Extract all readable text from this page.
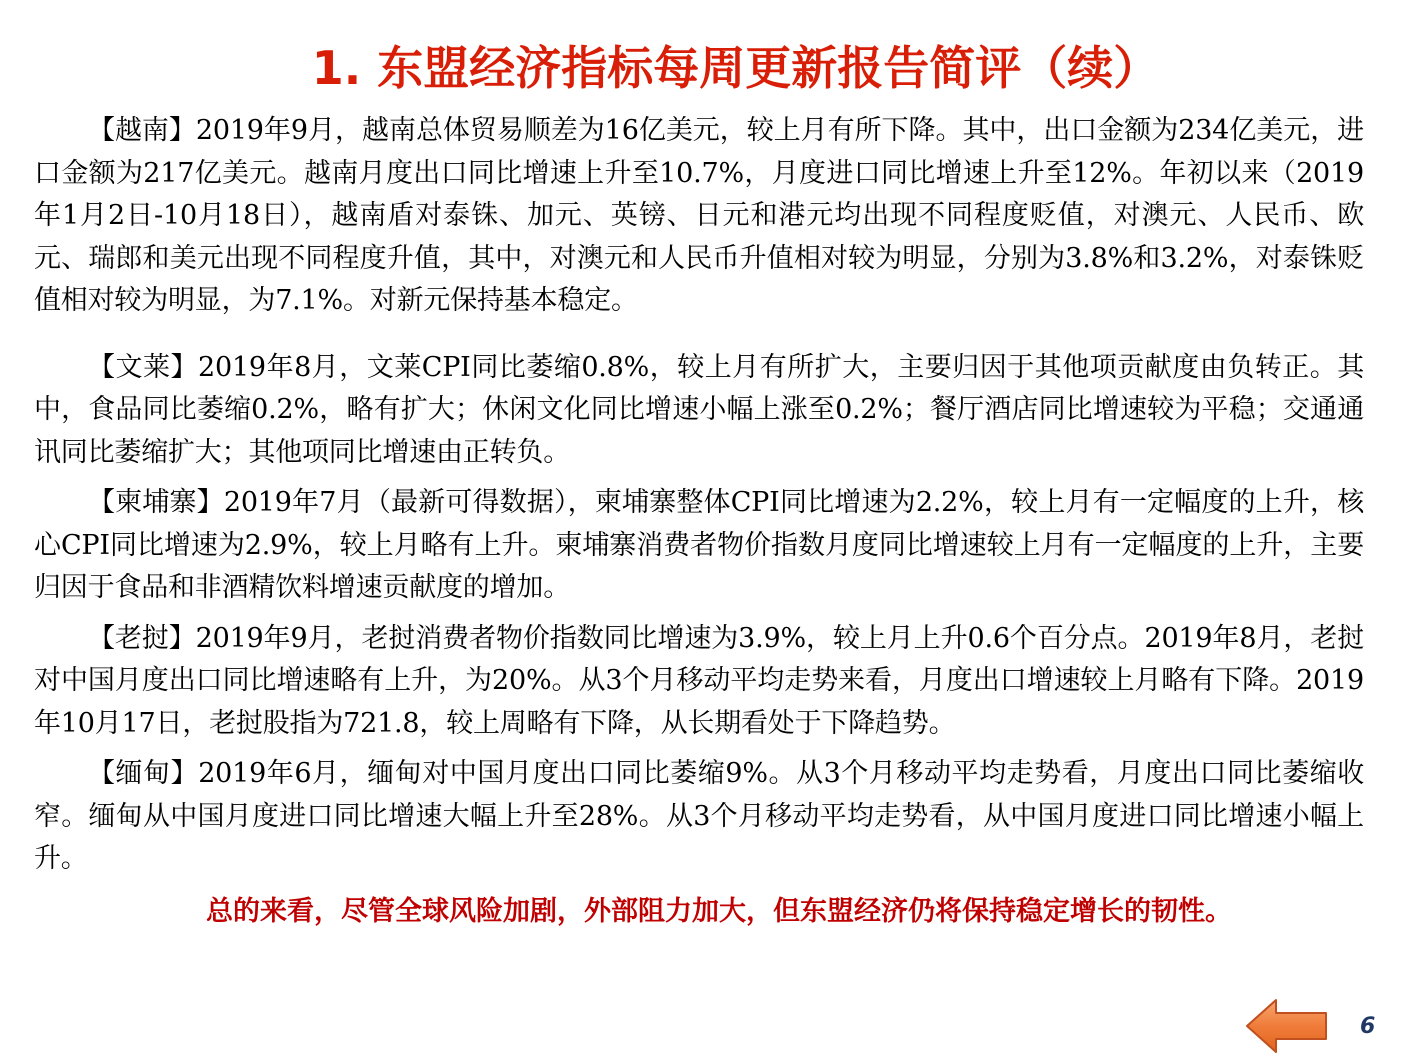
1. 东盟经济指标每周更新报告简评（续）

【越南】2019年9月，越南总体贸易顺差为16亿美元，较上月有所下降。其中，出口金额为234亿美元，进口金额为217亿美元。越南月度出口同比增速上升至10.7%，月度进口同比增速上升至12%。年初以来（2019年1月2日-10月18日），越南盾对泰铢、加元、英镑、日元和港元均出现不同程度贬值，对澳元、人民币、欧元、瑞郎和美元出现不同程度升值，其中，对澳元和人民币升值相对较为明显，分别为3.8%和3.2%，对泰铢贬值相对较为明显，为7.1%。对新元保持基本稳定。

【文莱】2019年8月，文莱CPI同比萎缩0.8%，较上月有所扩大，主要归因于其他项贡献度由负转正。其中，食品同比萎缩0.2%，略有扩大；休闲文化同比增速小幅上涨至0.2%；餐厅酒店同比增速较为平稳；交通通讯同比萎缩扩大；其他项同比增速由正转负。

【柬埔寨】2019年7月（最新可得数据），柬埔寨整体CPI同比增速为2.2%，较上月有一定幅度的上升，核心CPI同比增速为2.9%，较上月略有上升。柬埔寨消费者物价指数月度同比增速较上月有一定幅度的上升，主要归因于食品和非酒精饮料增速贡献度的增加。

【老挝】2019年9月，老挝消费者物价指数同比增速为3.9%，较上月上升0.6个百分点。2019年8月，老挝对中国月度出口同比增速略有上升，为20%。从3个月移动平均走势来看，月度出口增速较上月略有下降。2019年10月17日，老挝股指为721.8，较上周略有下降，从长期看处于下降趋势。

【缅甸】2019年6月，缅甸对中国月度出口同比萎缩9%。从3个月移动平均走势看，月度出口同比萎缩收窄。缅甸从中国月度进口同比增速大幅上升至28%。从3个月移动平均走势看，从中国月度进口同比增速小幅上升。

总的来看，尽管全球风险加剧，外部阻力加大，但东盟经济仍将保持稳定增长的韧性。

6
